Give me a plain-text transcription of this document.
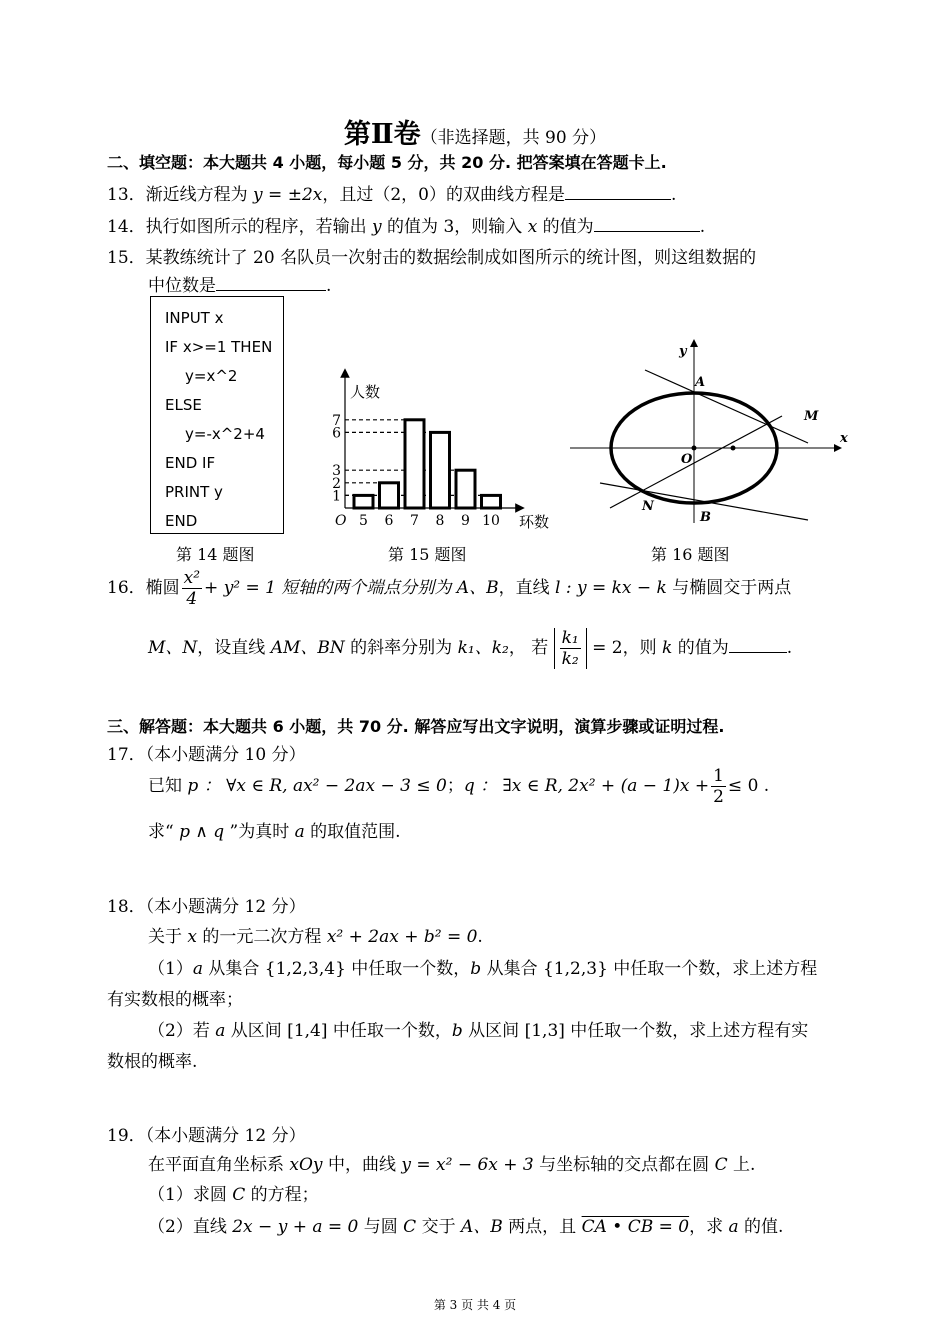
第Ⅱ卷（非选择题，共 90 分）
二、填空题：本大题共 4 小题，每小题 5 分，共 20 分. 把答案填在答题卡上.
13．渐近线方程为 y = ±2x，且过（2，0）的双曲线方程是	.
14．执行如图所示的程序，若输出 y 的值为 3，则输入 x 的值为	.
15．某教练统计了 20 名队员一次射击的数据绘制成如图所示的统计图，则这组数据的
中位数是	.
INPUT x
IF x>=1 THEN
y=x^2
ELSE
y=-x^2+4
END IF
PRINT y
END
人数
环数
O
1
2
3
6
7
5 6 7 8 9 10
y
x
A
B
M
N
O
第 14 题图	第 15 题图	第 16 题图
16．椭圆 $\frac{\text{x²}}{4} + y^2 = 1$ 短轴的两个端点分别为 A、B，直线 l : y = kx − k 与椭圆交于两点
M、N，设直线 AM、BN 的斜率分别为 k₁、k₂， 若 $\frac{\text{k₁}}{\text{k₂}} = 2$，则 k 的值为	.
三、解答题：本大题共 6 小题，共 70 分. 解答应写出文字说明，演算步骤或证明过程.
17．（本小题满分 10 分）
已知 p ： ∀x ∈ R, ax² − 2ax − 3 ≤ 0；q ： ∃x ∈ R, $2x^2 + (a - 1)x + \frac{1}{2} \le 0$ .
求“ p ∧ q ”为真时 a 的取值范围.
18．（本小题满分 12 分）
关于 x 的一元二次方程 x² + 2ax + b² = 0.
（1）a 从集合 {1,2,3,4} 中任取一个数，b 从集合 {1,2,3} 中任取一个数，求上述方程
有实数根的概率；
（2）若 a 从区间 [1,4] 中任取一个数，b 从区间 [1,3] 中任取一个数，求上述方程有实
数根的概率.
19．（本小题满分 12 分）
在平面直角坐标系 xOy 中，曲线 y = x² − 6x + 3 与坐标轴的交点都在圆 C 上.
（1）求圆 C 的方程；
（2）直线 2x − y + a = 0 与圆 C 交于 A、B 两点，且 CA • CB = 0，求 a 的值.
第 3 页 共 4 页
